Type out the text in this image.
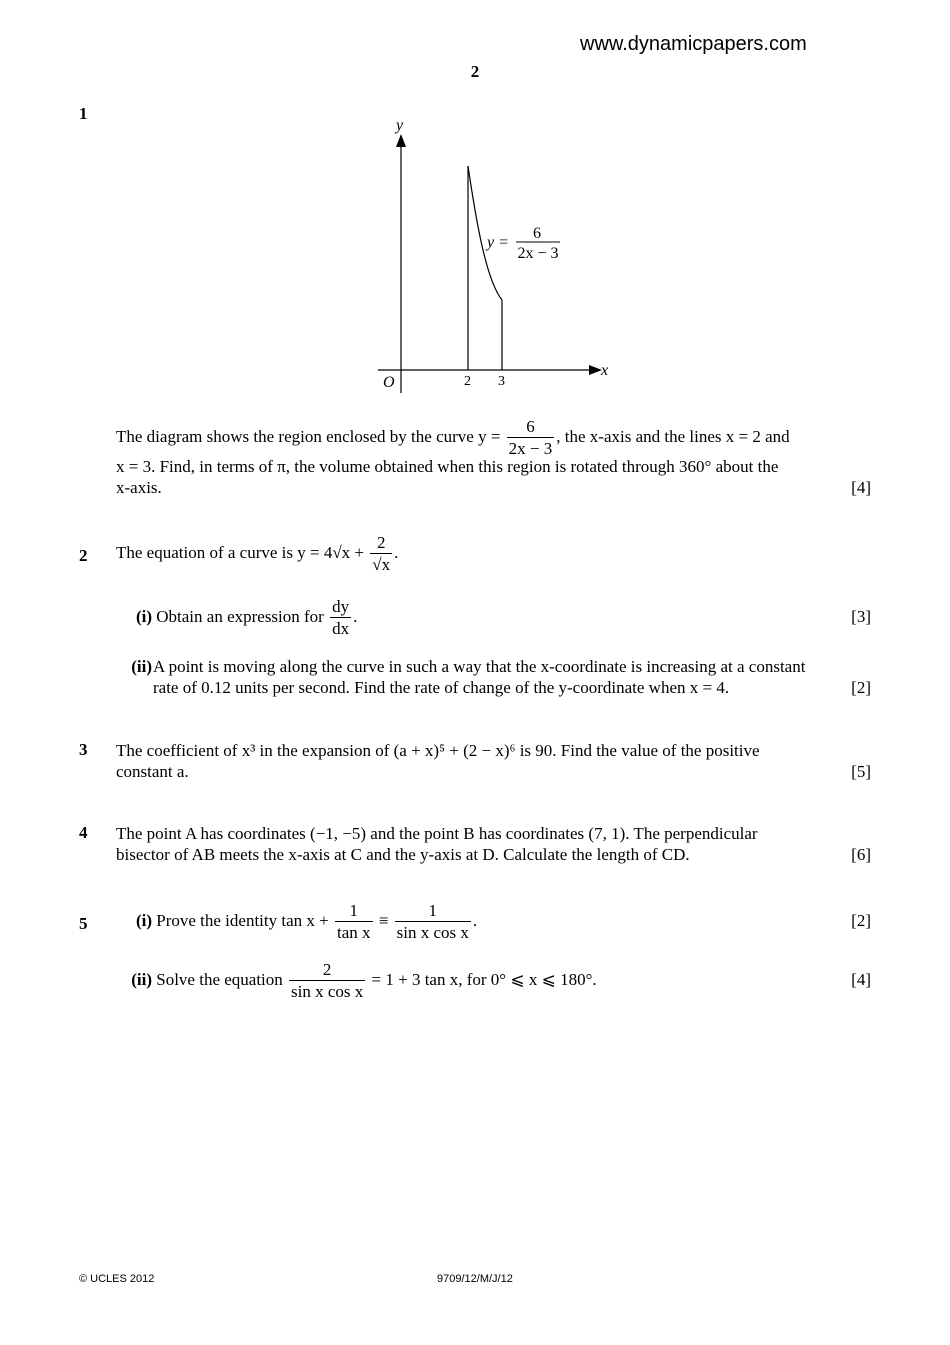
www.dynamicpapers.com
2
1
y
x
O	2 3
y =
6
2x − 3
The diagram shows the region enclosed by the curve $y = \frac{6}{2x - 3}$ , the x-axis and the lines x = 2 and
x = 3. Find, in terms of π, the volume obtained when this region is rotated through 360° about the
x-axis.	[4]
2 The equation of a curve is $y = 4√x + \frac{2}{√x}$ .
(i) Obtain an expression for $\frac{dy}{dx}$ .	[3]
(ii) A point is moving along the curve in such a way that the x-coordinate is increasing at a constant
rate of 0.12 units per second. Find the rate of change of the y-coordinate when x = 4.	[2]
3 The coefficient of x³ in the expansion of (a + x)⁵ + (2 − x)⁶ is 90. Find the value of the positive
constant a.	[5]
4 The point A has coordinates (−1, −5) and the point B has coordinates (7, 1). The perpendicular
bisector of AB meets the x-axis at C and the y-axis at D. Calculate the length of CD.	[6]
5	(i) Prove the identity $\tan x + \frac{1}{\text{tan x}} \equiv \frac{1}{\text{sin x cos x}}$ .	[2]
(ii) Solve the equation $\frac{2}{\text{sin x cos x}} = 1 + 3$ tan x, for 0° ⩽ x ⩽ 180°.	[4]
© UCLES 2012	9709/12/M/J/12
